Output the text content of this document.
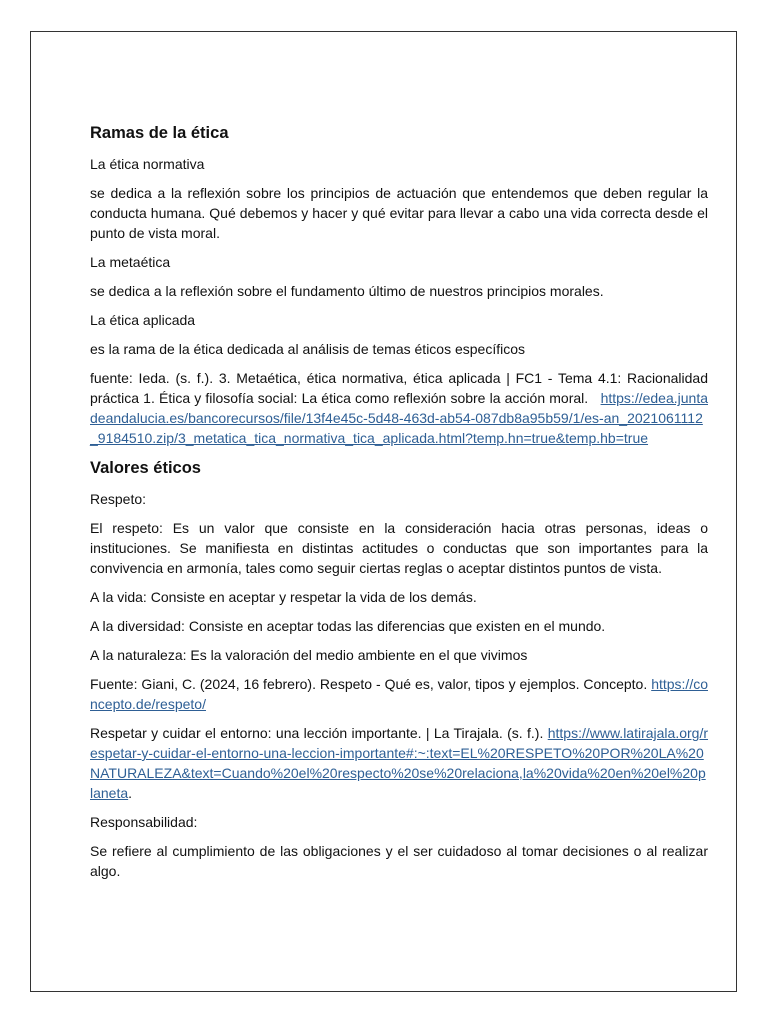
Ramas de la ética

La ética normativa

se dedica a la reflexión sobre los principios de actuación que entendemos que deben regular la conducta humana. Qué debemos y hacer y qué evitar para llevar a cabo una vida correcta desde el punto de vista moral.

La metaética

se dedica a la reflexión sobre el fundamento último de nuestros principios morales.

La ética aplicada

es la rama de la ética dedicada al análisis de temas éticos específicos

fuente: Ieda. (s. f.). 3. Metaética, ética normativa, ética aplicada | FC1 - Tema 4.1: Racionalidad práctica 1. Ética y filosofía social: La ética como reflexión sobre la acción moral. https://edea.juntadeandalucia.es/bancorecursos/file/13f4e45c-5d48-463d-ab54-087db8a95b59/1/es-an_2021061112_9184510.zip/3_metatica_tica_normativa_tica_aplicada.html?temp.hn=true&temp.hb=true

Valores éticos

Respeto:

El respeto: Es un valor que consiste en la consideración hacia otras personas, ideas o instituciones. Se manifiesta en distintas actitudes o conductas que son importantes para la convivencia en armonía, tales como seguir ciertas reglas o aceptar distintos puntos de vista.

A la vida: Consiste en aceptar y respetar la vida de los demás.

A la diversidad: Consiste en aceptar todas las diferencias que existen en el mundo.

A la naturaleza: Es la valoración del medio ambiente en el que vivimos

Fuente: Giani, C. (2024, 16 febrero). Respeto - Qué es, valor, tipos y ejemplos. Concepto. https://concepto.de/respeto/

Respetar y cuidar el entorno: una lección importante. | La Tirajala. (s. f.). https://www.latirajala.org/respetar-y-cuidar-el-entorno-una-leccion-importante#:~:text=EL%20RESPETO%20POR%20LA%20NATURALEZA&text=Cuando%20el%20respecto%20se%20relaciona,la%20vida%20en%20el%20planeta.

Responsabilidad:

Se refiere al cumplimiento de las obligaciones y el ser cuidadoso al tomar decisiones o al realizar algo.
